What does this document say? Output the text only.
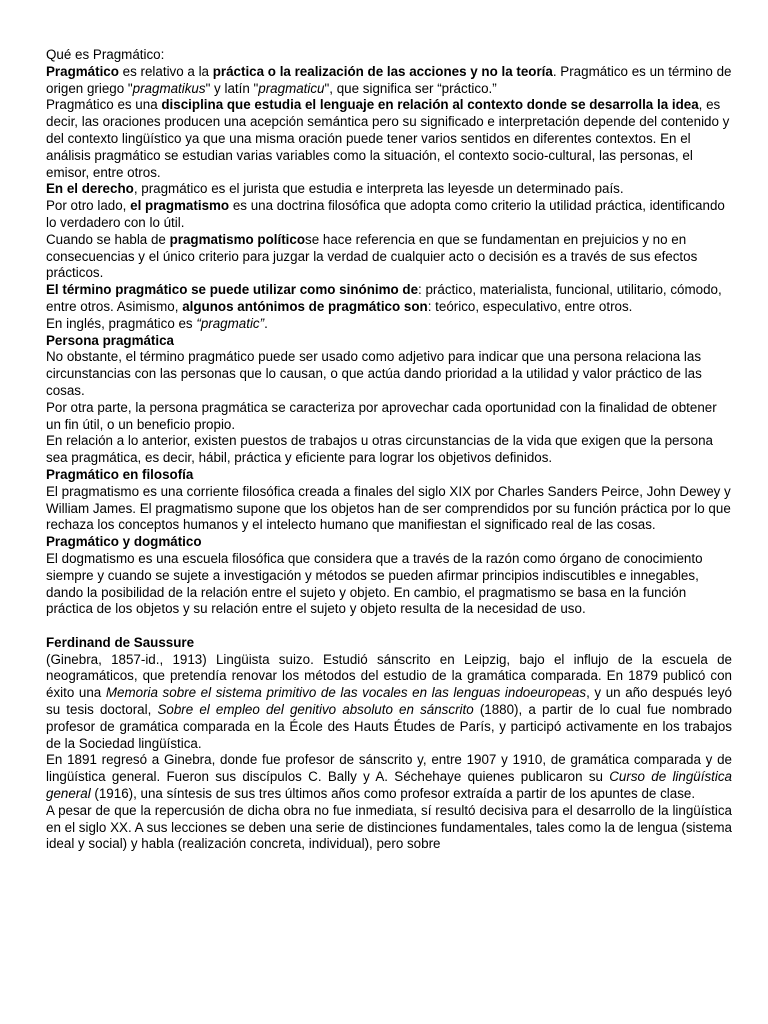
Qué es Pragmático:

Pragmático es relativo a la práctica o la realización de las acciones y no la teoría. Pragmático es un término de origen griego "pragmatikus" y latín "pragmaticu", que significa ser “práctico.”

Pragmático es una disciplina que estudia el lenguaje en relación al contexto donde se desarrolla la idea, es decir, las oraciones producen una acepción semántica pero su significado e interpretación depende del contenido y del contexto lingüístico ya que una misma oración puede tener varios sentidos en diferentes contextos. En el análisis pragmático se estudian varias variables como la situación, el contexto socio-cultural, las personas, el emisor, entre otros.

En el derecho, pragmático es el jurista que estudia e interpreta las leyesde un determinado país.

Por otro lado, el pragmatismo es una doctrina filosófica que adopta como criterio la utilidad práctica, identificando lo verdadero con lo útil.

Cuando se habla de pragmatismo políticose hace referencia en que se fundamentan en prejuicios y no en consecuencias y el único criterio para juzgar la verdad de cualquier acto o decisión es a través de sus efectos prácticos.

El término pragmático se puede utilizar como sinónimo de: práctico, materialista, funcional, utilitario, cómodo, entre otros. Asimismo, algunos antónimos de pragmático son: teórico, especulativo, entre otros.

En inglés, pragmático es “pragmatic”.

Persona pragmática

No obstante, el término pragmático puede ser usado como adjetivo para indicar que una persona relaciona las circunstancias con las personas que lo causan, o que actúa dando prioridad a la utilidad y valor práctico de las cosas.

Por otra parte, la persona pragmática se caracteriza por aprovechar cada oportunidad con la finalidad de obtener un fin útil, o un beneficio propio.

En relación a lo anterior, existen puestos de trabajos u otras circunstancias de la vida que exigen que la persona sea pragmática, es decir, hábil, práctica y eficiente para lograr los objetivos definidos.

Pragmático en filosofía

El pragmatismo es una corriente filosófica creada a finales del siglo XIX por Charles Sanders Peirce, John Dewey y William James. El pragmatismo supone que los objetos han de ser comprendidos por su función práctica por lo que rechaza los conceptos humanos y el intelecto humano que manifiestan el significado real de las cosas.

Pragmático y dogmático

El dogmatismo es una escuela filosófica que considera que a través de la razón como órgano de conocimiento siempre y cuando se sujete a investigación y métodos se pueden afirmar principios indiscutibles e innegables, dando la posibilidad de la relación entre el sujeto y objeto. En cambio, el pragmatismo se basa en la función práctica de los objetos y su relación entre el sujeto y objeto resulta de la necesidad de uso.

Ferdinand de Saussure

(Ginebra, 1857-id., 1913) Lingüista suizo. Estudió sánscrito en Leipzig, bajo el influjo de la escuela de neogramáticos, que pretendía renovar los métodos del estudio de la gramática comparada. En 1879 publicó con éxito una Memoria sobre el sistema primitivo de las vocales en las lenguas indoeuropeas, y un año después leyó su tesis doctoral, Sobre el empleo del genitivo absoluto en sánscrito (1880), a partir de lo cual fue nombrado profesor de gramática comparada en la École des Hauts Études de París, y participó activamente en los trabajos de la Sociedad lingüística.

En 1891 regresó a Ginebra, donde fue profesor de sánscrito y, entre 1907 y 1910, de gramática comparada y de lingüística general. Fueron sus discípulos C. Bally y A. Séchehaye quienes publicaron su Curso de lingüística general (1916), una síntesis de sus tres últimos años como profesor extraída a partir de los apuntes de clase.

A pesar de que la repercusión de dicha obra no fue inmediata, sí resultó decisiva para el desarrollo de la lingüística en el siglo XX. A sus lecciones se deben una serie de distinciones fundamentales, tales como la de lengua (sistema ideal y social) y habla (realización concreta, individual), pero sobre
